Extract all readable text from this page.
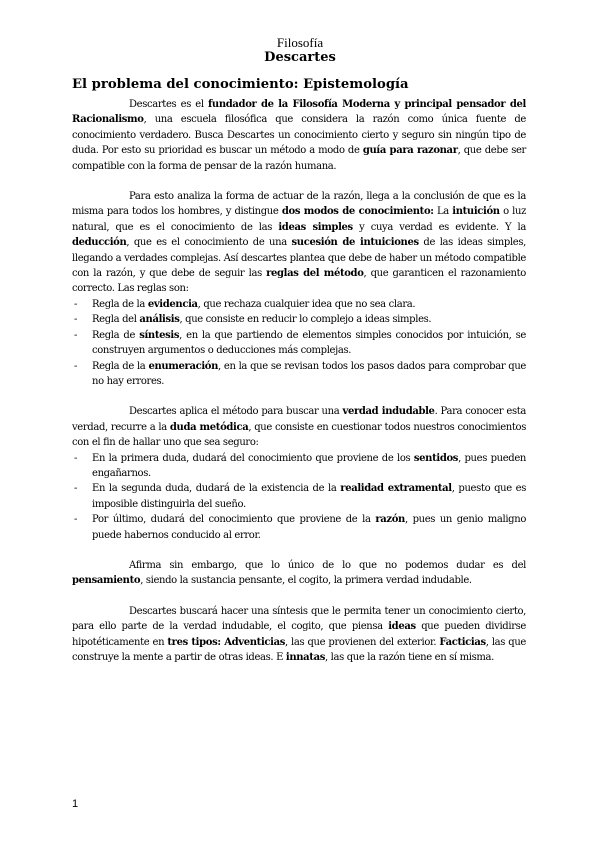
Filosofía
Descartes
El problema del conocimiento: Epistemología

Descartes es el fundador de la Filosofía Moderna y principal pensador del Racionalismo, una escuela filosófica que considera la razón como única fuente de conocimiento verdadero. Busca Descartes un conocimiento cierto y seguro sin ningún tipo de duda. Por esto su prioridad es buscar un método a modo de guía para razonar, que debe ser compatible con la forma de pensar de la razón humana.

Para esto analiza la forma de actuar de la razón, llega a la conclusión de que es la misma para todos los hombres, y distingue dos modos de conocimiento: La intuición o luz natural, que es el conocimiento de las ideas simples y cuya verdad es evidente. Y la deducción, que es el conocimiento de una sucesión de intuiciones de las ideas simples, llegando a verdades complejas. Así descartes plantea que debe de haber un método compatible con la razón, y que debe de seguir las reglas del método, que garanticen el razonamiento correcto. Las reglas son:

- Regla de la evidencia, que rechaza cualquier idea que no sea clara.
- Regla del análisis, que consiste en reducir lo complejo a ideas simples.
- Regla de síntesis, en la que partiendo de elementos simples conocidos por intuición, se construyen argumentos o deducciones más complejas.
- Regla de la enumeración, en la que se revisan todos los pasos dados para comprobar que no hay errores.

Descartes aplica el método para buscar una verdad indudable. Para conocer esta verdad, recurre a la duda metódica, que consiste en cuestionar todos nuestros conocimientos con el fin de hallar uno que sea seguro:

- En la primera duda, dudará del conocimiento que proviene de los sentidos, pues pueden engañarnos.
- En la segunda duda, dudará de la existencia de la realidad extramental, puesto que es imposible distinguirla del sueño.
- Por último, dudará del conocimiento que proviene de la razón, pues un genio maligno puede habernos conducido al error.

Afirma sin embargo, que lo único de lo que no podemos dudar es del pensamiento, siendo la sustancia pensante, el cogito, la primera verdad indudable.

Descartes buscará hacer una síntesis que le permita tener un conocimiento cierto, para ello parte de la verdad indudable, el cogito, que piensa ideas que pueden dividirse hipotéticamente en tres tipos: Adventicias, las que provienen del exterior. Facticias, las que construye la mente a partir de otras ideas. E innatas, las que la razón tiene en sí misma.

1
